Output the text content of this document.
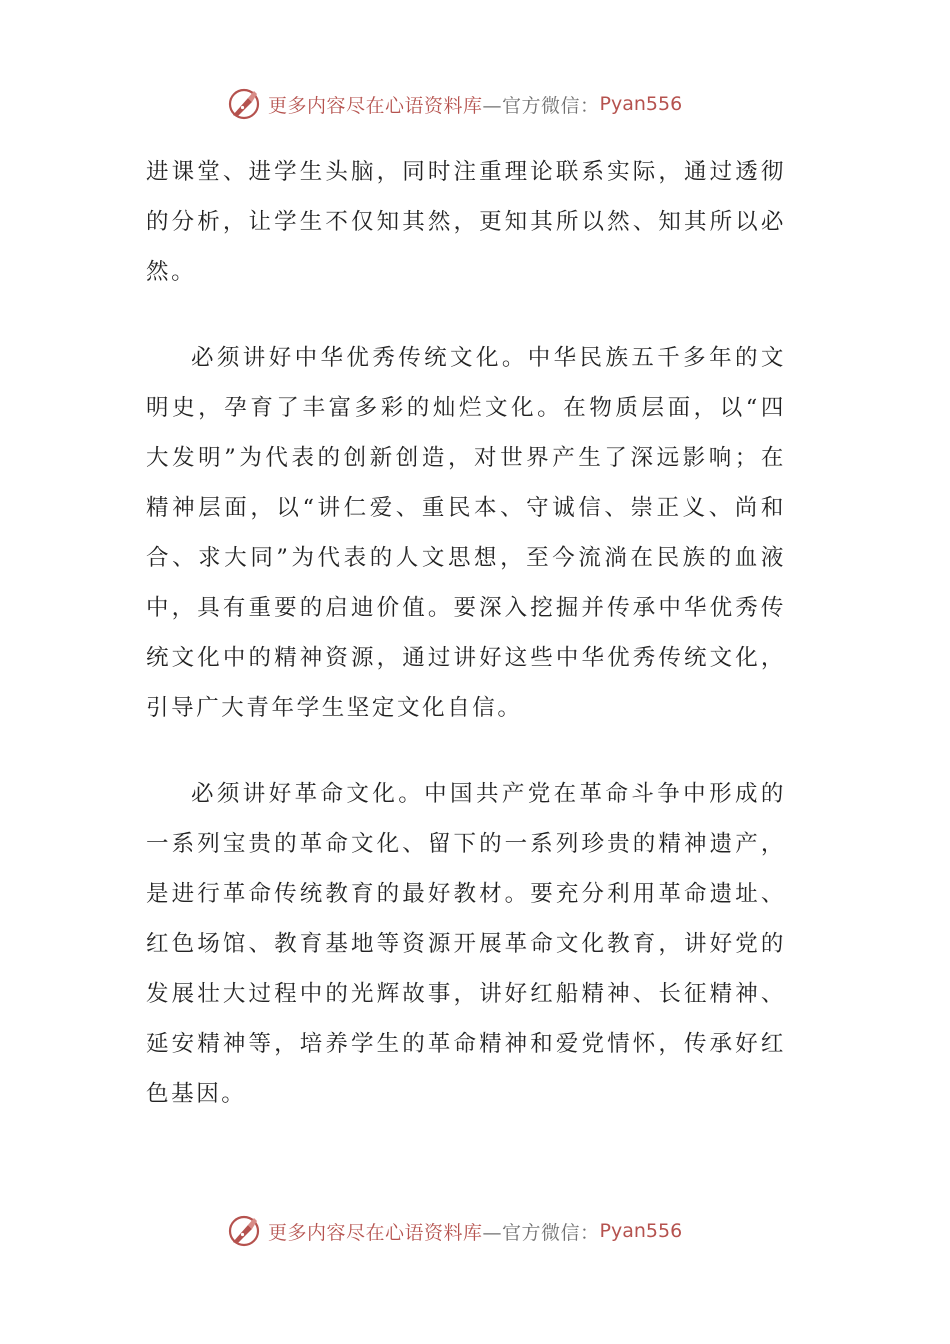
更多内容尽在心语资料库 —官方微信： Pyan556

进课堂、进学生头脑，同时注重理论联系实际，通过透彻的分析，让学生不仅知其然，更知其所以然、知其所以必然。

必须讲好中华优秀传统文化。中华民族五千多年的文明史，孕育了丰富多彩的灿烂文化。在物质层面，以“四大发明”为代表的创新创造，对世界产生了深远影响；在精神层面，以“讲仁爱、重民本、守诚信、崇正义、尚和合、求大同”为代表的人文思想，至今流淌在民族的血液中，具有重要的启迪价值。要深入挖掘并传承中华优秀传统文化中的精神资源，通过讲好这些中华优秀传统文化，引导广大青年学生坚定文化自信。

必须讲好革命文化。中国共产党在革命斗争中形成的一系列宝贵的革命文化、留下的一系列珍贵的精神遗产，是进行革命传统教育的最好教材。要充分利用革命遗址、红色场馆、教育基地等资源开展革命文化教育，讲好党的发展壮大过程中的光辉故事，讲好红船精神、长征精神、延安精神等，培养学生的革命精神和爱党情怀，传承好红色基因。

更多内容尽在心语资料库 —官方微信： Pyan556
